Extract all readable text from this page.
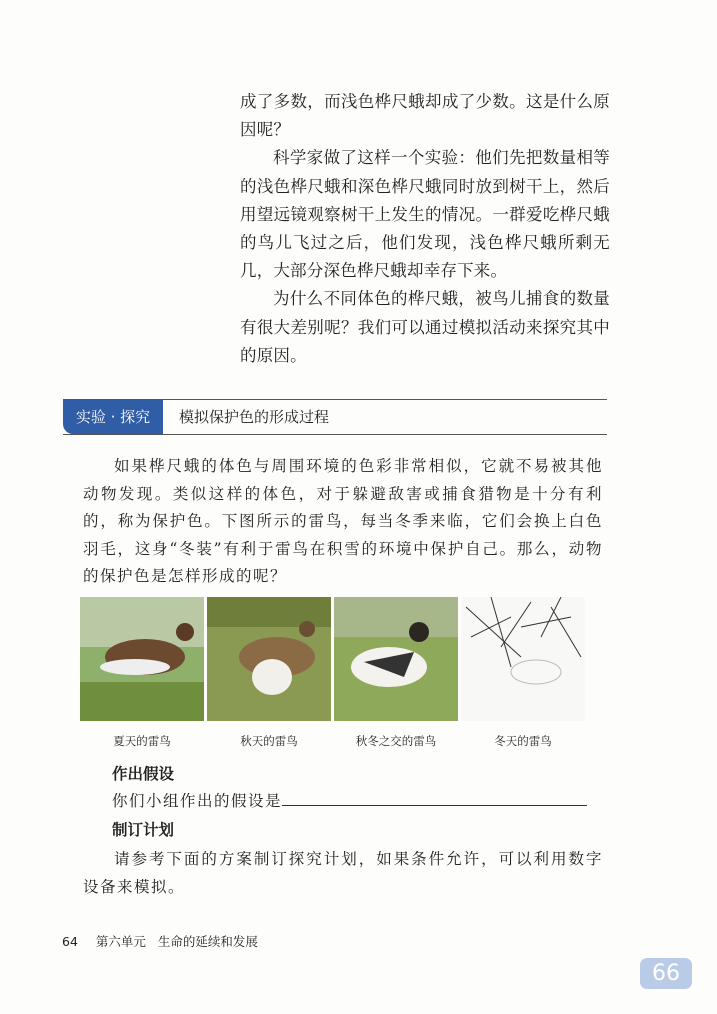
成了多数，而浅色桦尺蛾却成了少数。这是什么原因呢？

科学家做了这样一个实验：他们先把数量相等的浅色桦尺蛾和深色桦尺蛾同时放到树干上，然后用望远镜观察树干上发生的情况。一群爱吃桦尺蛾的鸟儿飞过之后，他们发现，浅色桦尺蛾所剩无几，大部分深色桦尺蛾却幸存下来。

为什么不同体色的桦尺蛾，被鸟儿捕食的数量有很大差别呢？我们可以通过模拟活动来探究其中的原因。

实验 · 探究	模拟保护色的形成过程

如果桦尺蛾的体色与周围环境的色彩非常相似，它就不易被其他动物发现。类似这样的体色，对于躲避敌害或捕食猎物是十分有利的，称为保护色。下图所示的雷鸟，每当冬季来临，它们会换上白色羽毛，这身“冬装”有利于雷鸟在积雪的环境中保护自己。那么，动物的保护色是怎样形成的呢？

夏天的雷鸟	秋天的雷鸟	秋冬之交的雷鸟	冬天的雷鸟
作出假设
你们小组作出的假设是
制订计划
请参考下面的方案制订探究计划，如果条件允许，可以利用数字设备来模拟。
64 第六单元 生命的延续和发展
66
